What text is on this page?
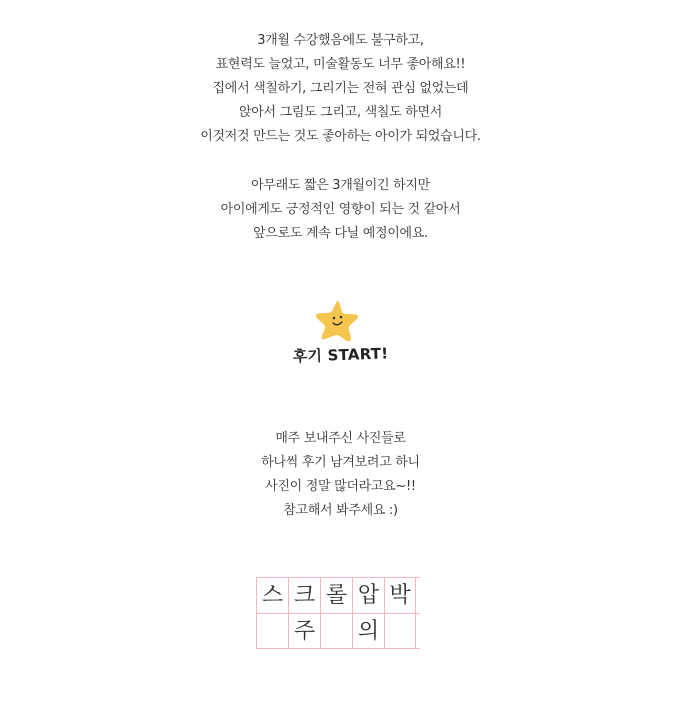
3개월 수강했음에도 불구하고,
표현력도 늘었고, 미술활동도 너무 좋아해요!!
집에서 색칠하기, 그리기는 전혀 관심 없었는데
앉아서 그림도 그리고, 색칠도 하면서
이것저것 만드는 것도 좋아하는 아이가 되었습니다.
아무래도 짧은 3개월이긴 하지만
아이에게도 긍정적인 영향이 되는 것 같아서
앞으로도 계속 다닐 예정이에요.
후기 START!
매주 보내주신 사진들로
하나씩 후기 남겨보려고 하니
사진이 정말 많더라고요~!!
참고해서 봐주세요 :)
스 크 롤 압 박
주 의
